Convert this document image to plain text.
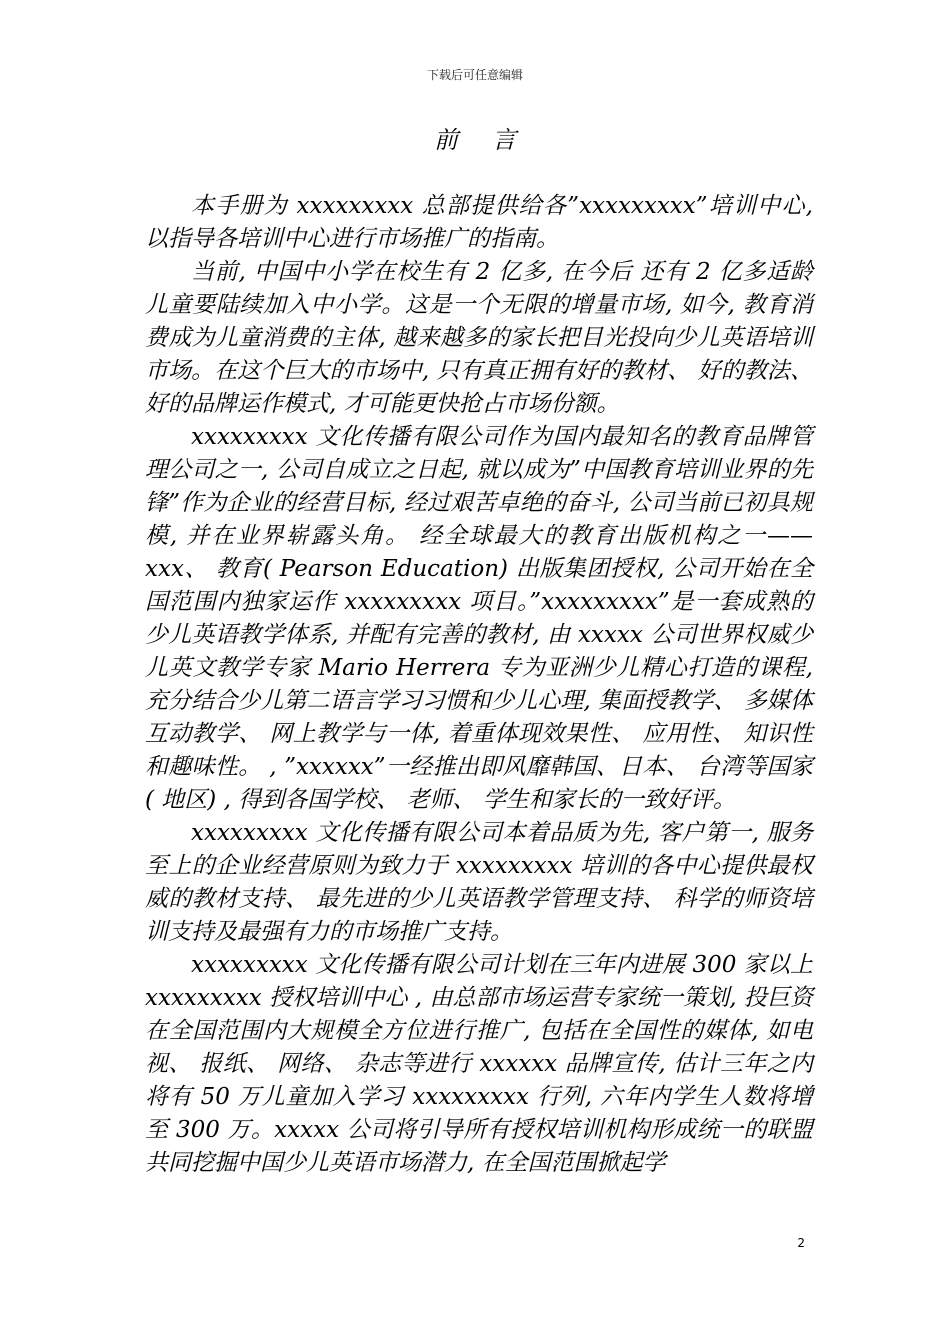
下载后可任意编辑
前言

本手册为 xxxxxxxxx 总部提供给各”xxxxxxxxx”培训中心,以指导各培训中心进行市场推广的指南。

当前, 中国中小学在校生有 2 亿多, 在今后 还有 2 亿多适龄儿童要陆续加入中小学。这是一个无限的增量市场, 如今, 教育消费成为儿童消费的主体, 越来越多的家长把目光投向少儿英语培训市场。在这个巨大的市场中, 只有真正拥有好的教材、 好的教法、 好的品牌运作模式, 才可能更快抢占市场份额。

xxxxxxxxx 文化传播有限公司作为国内最知名的教育品牌管理公司之一, 公司自成立之日起, 就以成为”中国教育培训业界的先锋”作为企业的经营目标, 经过艰苦卓绝的奋斗, 公司当前已初具规模, 并在业界崭露头角。 经全球最大的教育出版机构之一——xxx、 教育( Pearson Education) 出版集团授权, 公司开始在全国范围内独家运作 xxxxxxxxx 项目。”xxxxxxxxx”是一套成熟的少儿英语教学体系, 并配有完善的教材, 由 xxxxx 公司世界权威少儿英文教学专家 Mario Herrera 专为亚洲少儿精心打造的课程, 充分结合少儿第二语言学习习惯和少儿心理, 集面授教学、 多媒体互动教学、 网上教学与一体, 着重体现效果性、 应用性、 知识性和趣味性。 , ”xxxxxx”一经推出即风靡韩国、日本、 台湾等国家( 地区) , 得到各国学校、 老师、 学生和家长的一致好评。

xxxxxxxxx 文化传播有限公司本着品质为先, 客户第一, 服务至上的企业经营原则为致力于 xxxxxxxxx 培训的各中心提供最权威的教材支持、 最先进的少儿英语教学管理支持、 科学的师资培训支持及最强有力的市场推广支持。

xxxxxxxxx 文化传播有限公司计划在三年内进展 300 家以上 xxxxxxxxx 授权培训中心 , 由总部市场运营专家统一策划, 投巨资在全国范围内大规模全方位进行推广, 包括在全国性的媒体, 如电视、 报纸、 网络、 杂志等进行 xxxxxx 品牌宣传, 估计三年之内将有 50 万儿童加入学习 xxxxxxxxx 行列, 六年内学生人数将增至 300 万。xxxxx 公司将引导所有授权培训机构形成统一的联盟共同挖掘中国少儿英语市场潜力, 在全国范围掀起学

2
